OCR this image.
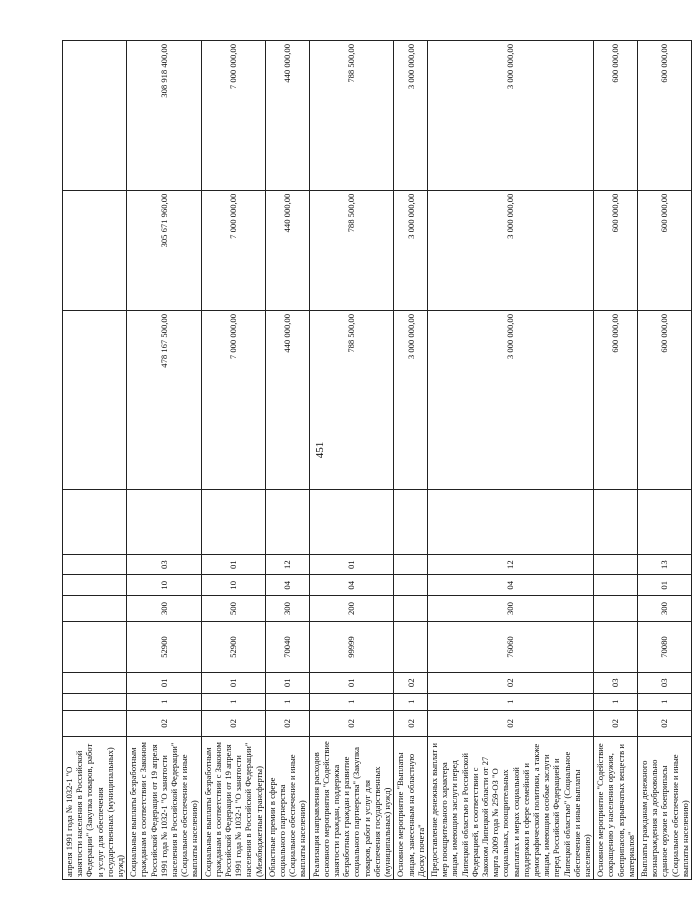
451
апреля 1991 года № 1032-1 "О занятости населения в Российской Федерации" (Закупка товаров, работ и услуг для обеспечения государственных (муниципальных) нужд)											
Социальные выплаты безработным гражданам в соответствии с Законом Российской Федерации от 19 апреля 1991 года № 1032-1 "О занятости населения в Российской Федерации" (Социальное обеспечение и иные выплаты населению)	02	1	01	52900	300	10	03		478 167 500,00	305 671 960,00	308 918 400,00
Социальные выплаты безработным гражданам в соответствии с Законом Российской Федерации от 19 апреля 1991 года № 1032-1 "О занятости населения в Российской Федерации" (Межбюджетные трансферты)	02	1	01	52900	500	10	01		7 000 000,00	7 000 000,00	7 000 000,00
Областные премии в сфере социального партнерства (Социальное обеспечение и иные выплаты населению)	02	1	01	70040	300	04	12		440 000,00	440 000,00	440 000,00
Реализация направления расходов основного мероприятия "Содействие занятости граждан, поддержка безработных граждан и развитие социального партнерства" (Закупка товаров, работ и услуг для обеспечения государственных (муниципальных) нужд)	02	1	01	99999	200	04	01		788 500,00	788 500,00	788 500,00
Основное мероприятие "Выплаты лицам, занесенным на областную Доску почета"	02	1	02						3 000 000,00	3 000 000,00	3 000 000,00
Предоставление денежных выплат и мер поощрительного характера лицам, имеющим заслуги перед Липецкой областью и Российской Федерацией, в соответствии с Законом Липецкой области от 27 марта 2009 года № 259-ОЗ "О социальных, поощрительных выплатах и мерах социальной поддержки в сфере семейной и демографической политики, а также лицам, имеющим особые заслуги перед Российской Федерацией и Липецкой областью" (Социальное обеспечение и иные выплаты населению)	02	1	02	76060	300	04	12		3 000 000,00	3 000 000,00	3 000 000,00
Основное мероприятие "Содействие сокращению у населения оружия, боеприпасов, взрывчатых веществ и материалов"	02	1	03						600 000,00	600 000,00	600 000,00
Выплаты гражданам денежного вознаграждения за добровольно сданное оружие и боеприпасы (Социальное обеспечение и иные выплаты населению)	02	1	03	70080	300	01	13		600 000,00	600 000,00	600 000,00
